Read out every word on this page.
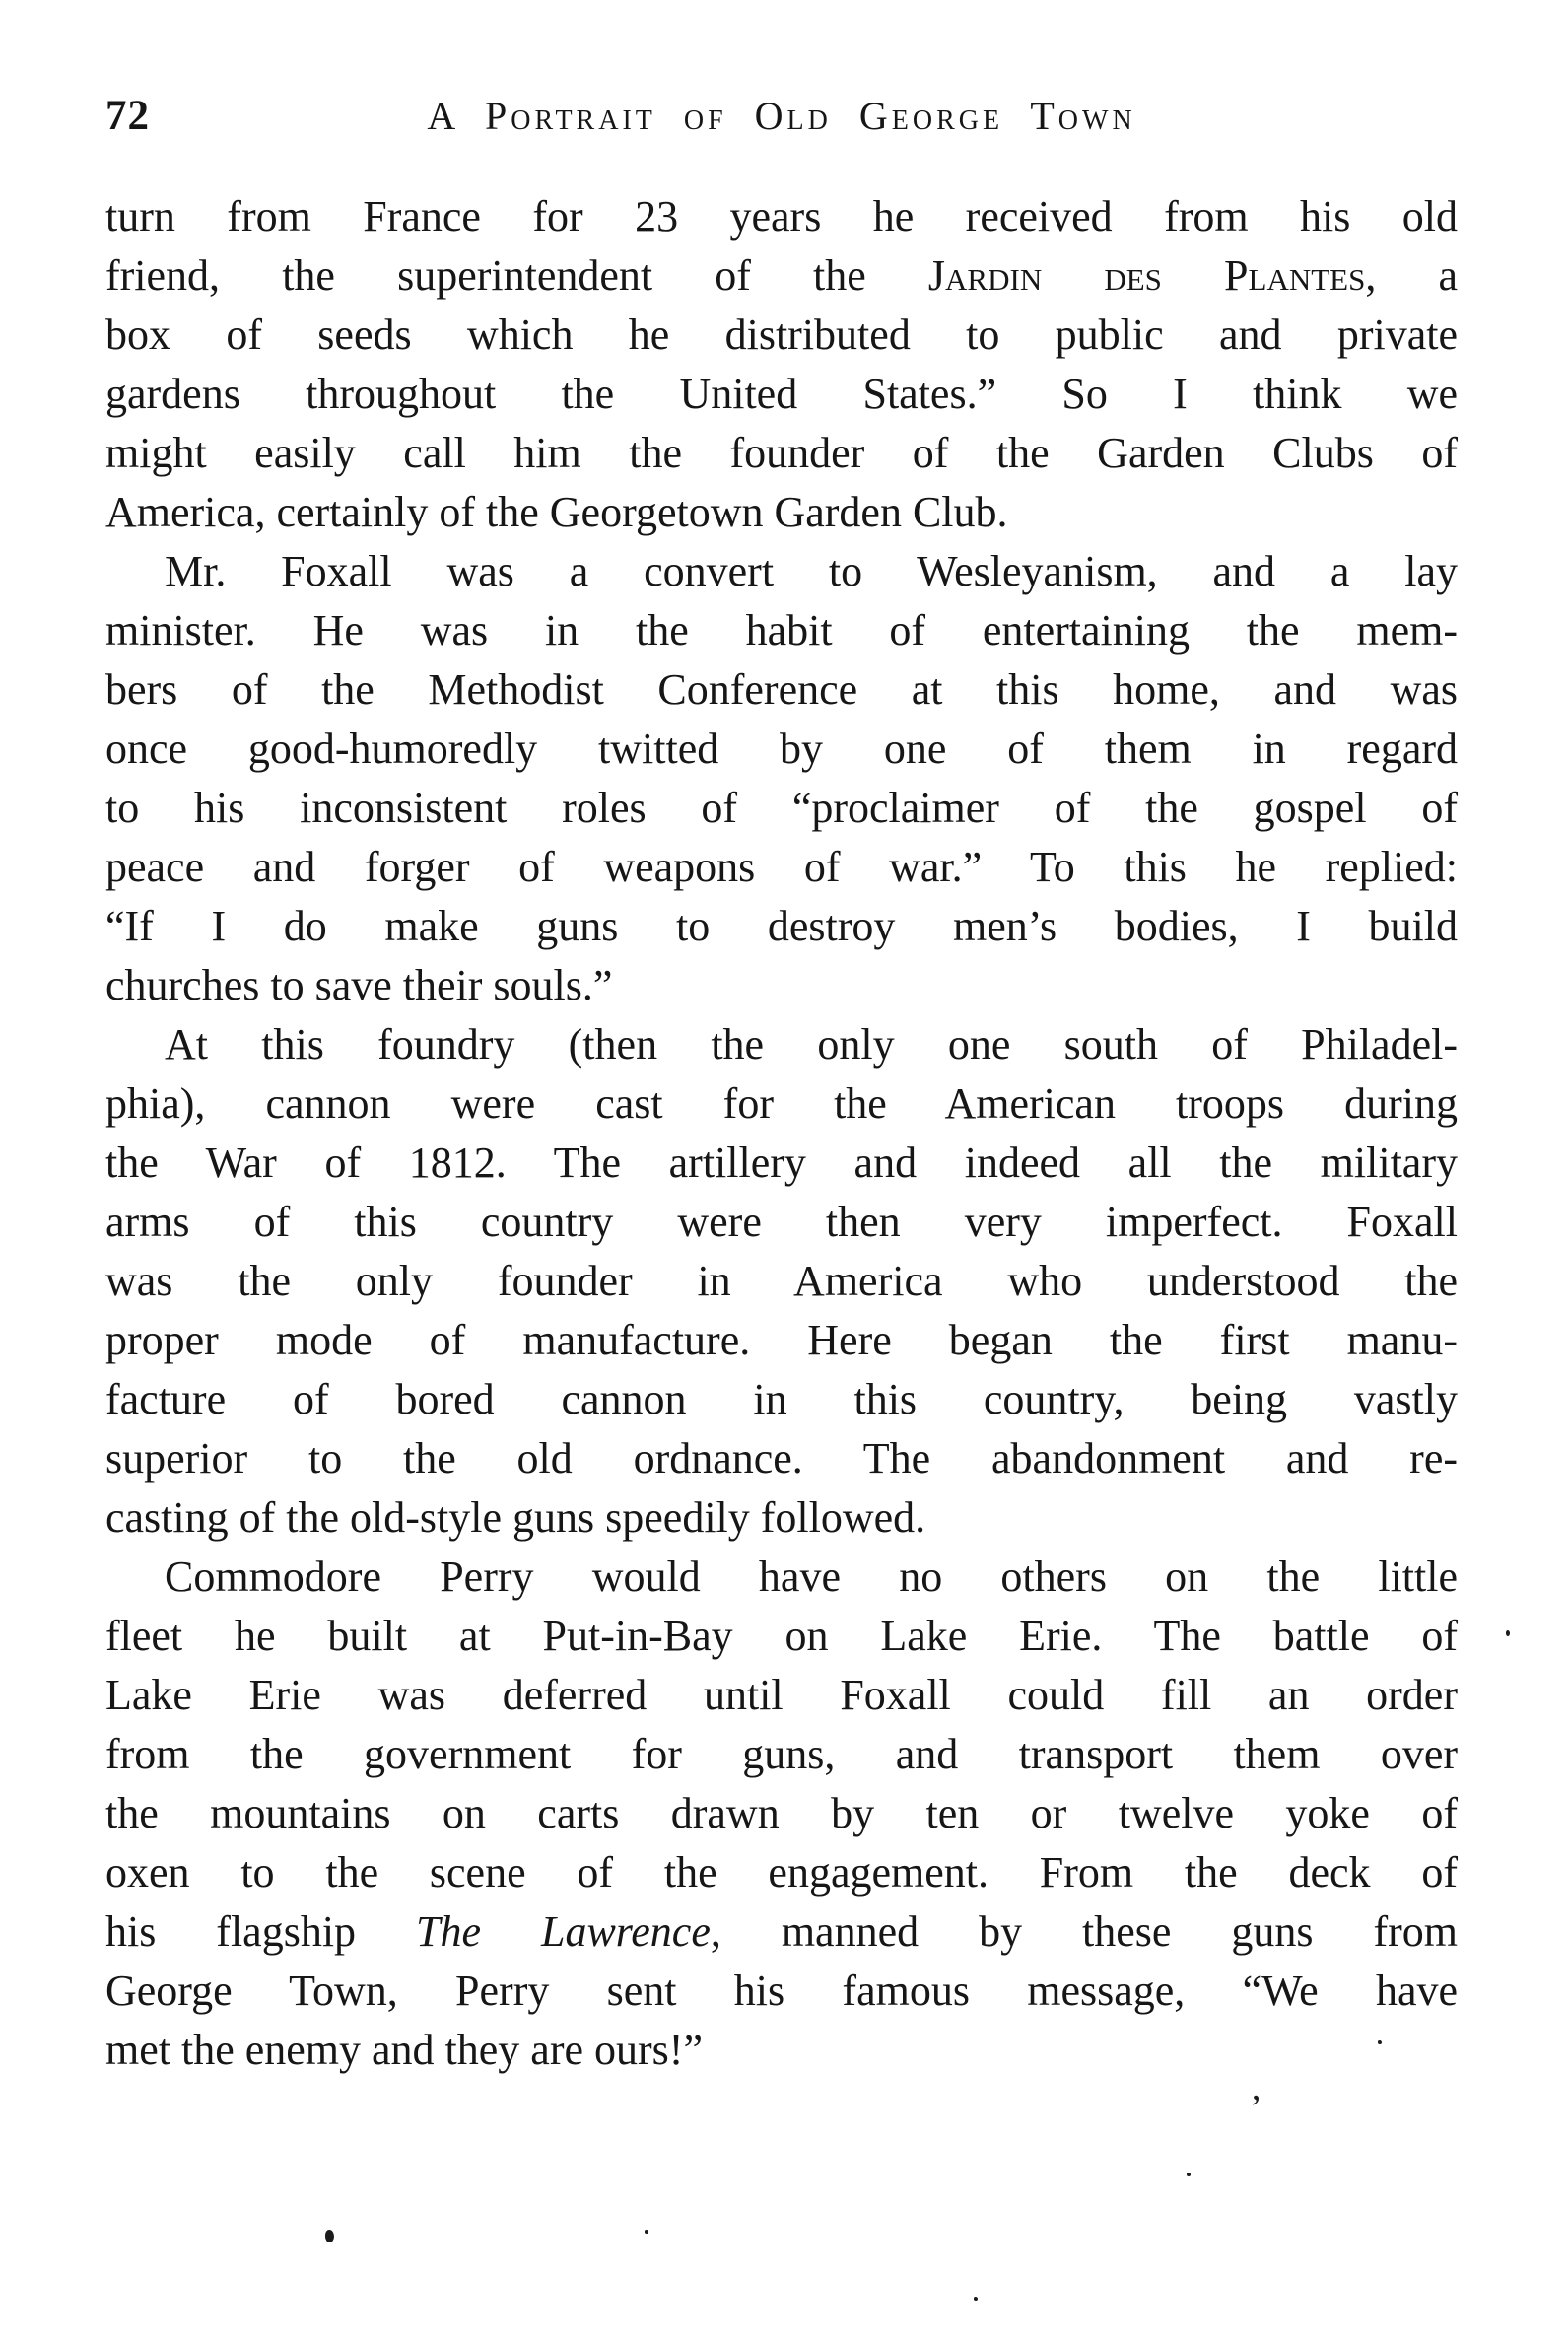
72	A Portrait of Old George Town
turn from France for 23 years he received from his old
friend, the superintendent of the Jardin des Plantes, a
box of seeds which he distributed to public and private
gardens throughout the United States.” So I think we
might easily call him the founder of the Garden Clubs of
America, certainly of the Georgetown Garden Club.
Mr. Foxall was a convert to Wesleyanism, and a lay
minister. He was in the habit of entertaining the mem-
bers of the Methodist Conference at this home, and was
once good-humoredly twitted by one of them in regard
to his inconsistent roles of “proclaimer of the gospel of
peace and forger of weapons of war.” To this he replied:
“If I do make guns to destroy men’s bodies, I build
churches to save their souls.”
At this foundry (then the only one south of Philadel-
phia), cannon were cast for the American troops during
the War of 1812. The artillery and indeed all the military
arms of this country were then very imperfect. Foxall
was the only founder in America who understood the
proper mode of manufacture. Here began the first manu-
facture of bored cannon in this country, being vastly
superior to the old ordnance. The abandonment and re-
casting of the old-style guns speedily followed.
Commodore Perry would have no others on the little
fleet he built at Put-in-Bay on Lake Erie. The battle of
Lake Erie was deferred until Foxall could fill an order
from the government for guns, and transport them over
the mountains on carts drawn by ten or twelve yoke of
oxen to the scene of the engagement. From the deck of
his flagship The Lawrence, manned by these guns from
George Town, Perry sent his famous message, “We have
met the enemy and they are ours!”
’
